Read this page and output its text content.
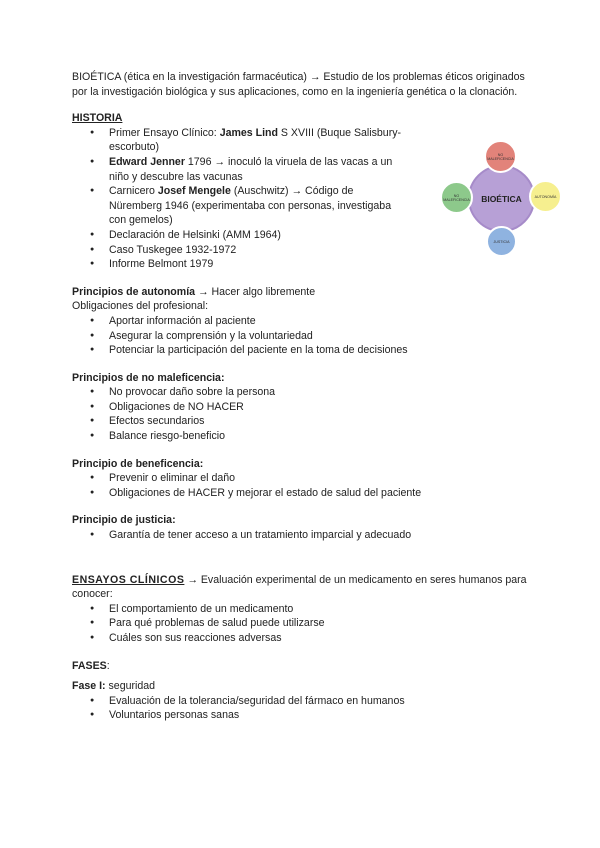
BIOÉTICA (ética en la investigación farmacéutica) → Estudio de los problemas éticos originados por la investigación biológica y sus aplicaciones, como en la ingeniería genética o la clonación.

HISTORIA

● Primer Ensayo Clínico: James Lind S XVIII (Buque Salisbury-escorbuto)
● Edward Jenner 1796 → inoculó la viruela de las vacas a un niño y descubre las vacunas
● Carnicero Josef Mengele (Auschwitz) → Código de Nüremberg 1946 (experimentaba con personas, investigaba con gemelos)
● Declaración de Helsinki (AMM 1964)
● Caso Tuskegee 1932-1972
● Informe Belmont 1979

Principios de autonomía → Hacer algo libremente

Obligaciones del profesional:

● Aportar información al paciente
● Asegurar la comprensión y la voluntariedad
● Potenciar la participación del paciente en la toma de decisiones

Principios de no maleficencia:

● No provocar daño sobre la persona
● Obligaciones de NO HACER
● Efectos secundarios
● Balance riesgo-beneficio

Principio de beneficencia:

● Prevenir o eliminar el daño
● Obligaciones de HACER y mejorar el estado de salud del paciente

Principio de justicia:

● Garantía de tener acceso a un tratamiento imparcial y adecuado

ENSAYOS CLÍNICOS → Evaluación experimental de un medicamento en seres humanos para conocer:

● El comportamiento de un medicamento
● Para qué problemas de salud puede utilizarse
● Cuáles son sus reacciones adversas

FASES:

Fase I: seguridad

● Evaluación de la tolerancia/seguridad del fármaco en humanos
● Voluntarios personas sanas
BIOÉTICA
NO MALEFICENCIA
NO MALEFICENCIA
AUTONOMÍA
JUSTICIA
